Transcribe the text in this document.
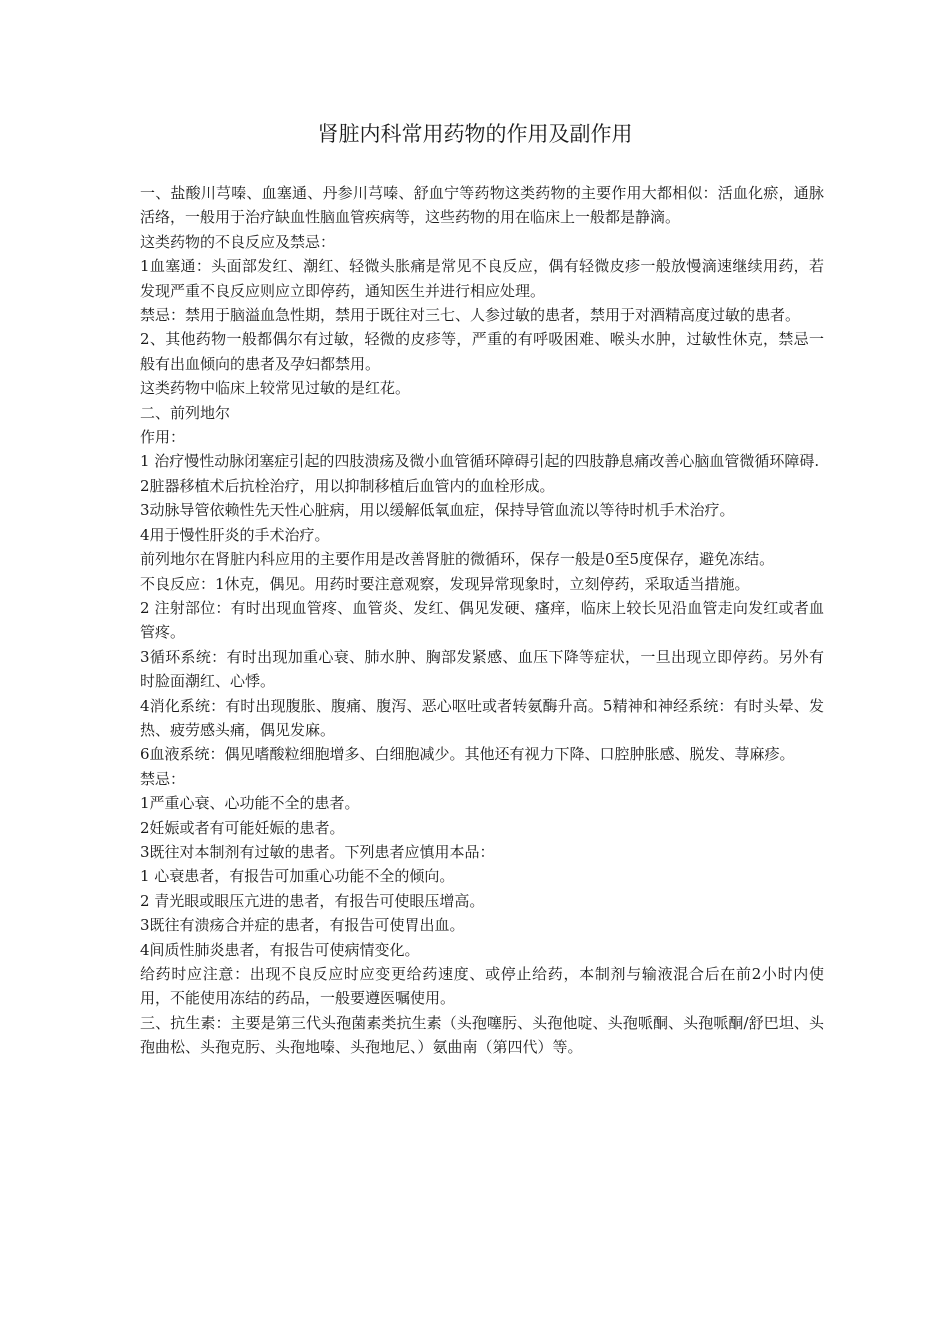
肾脏内科常用药物的作用及副作用

一、盐酸川芎嗪、血塞通、丹参川芎嗪、舒血宁等药物这类药物的主要作用大都相似：活血化瘀，通脉活络，一般用于治疗缺血性脑血管疾病等，这些药物的用在临床上一般都是静滴。

这类药物的不良反应及禁忌：

1血塞通：头面部发红、潮红、轻微头胀痛是常见不良反应，偶有轻微皮疹一般放慢滴速继续用药，若发现严重不良反应则应立即停药，通知医生并进行相应处理。

禁忌：禁用于脑溢血急性期，禁用于既往对三七、人参过敏的患者，禁用于对酒精高度过敏的患者。

2、其他药物一般都偶尔有过敏，轻微的皮疹等，严重的有呼吸困难、喉头水肿，过敏性休克，禁忌一般有出血倾向的患者及孕妇都禁用。

这类药物中临床上较常见过敏的是红花。

二、前列地尔

作用：

1 治疗慢性动脉闭塞症引起的四肢溃疡及微小血管循环障碍引起的四肢静息痛改善心脑血管微循环障碍.

2脏器移植术后抗栓治疗，用以抑制移植后血管内的血栓形成。

3动脉导管依赖性先天性心脏病，用以缓解低氧血症，保持导管血流以等待时机手术治疗。

4用于慢性肝炎的手术治疗。

前列地尔在肾脏内科应用的主要作用是改善肾脏的微循环，保存一般是0至5度保存，避免冻结。

不良反应：1休克，偶见。用药时要注意观察，发现异常现象时，立刻停药，采取适当措施。

2 注射部位：有时出现血管疼、血管炎、发红、偶见发硬、瘙痒，临床上较长见沿血管走向发红或者血管疼。

3循环系统：有时出现加重心衰、肺水肿、胸部发紧感、血压下降等症状，一旦出现立即停药。另外有时脸面潮红、心悸。

4消化系统：有时出现腹胀、腹痛、腹泻、恶心呕吐或者转氨酶升高。5精神和神经系统：有时头晕、发热、疲劳感头痛，偶见发麻。

6血液系统：偶见嗜酸粒细胞增多、白细胞减少。其他还有视力下降、口腔肿胀感、脱发、荨麻疹。

禁忌：

1严重心衰、心功能不全的患者。

2妊娠或者有可能妊娠的患者。

3既往对本制剂有过敏的患者。下列患者应慎用本品：

1 心衰患者，有报告可加重心功能不全的倾向。

2 青光眼或眼压亢进的患者，有报告可使眼压增高。

3既往有溃疡合并症的患者，有报告可使胃出血。

4间质性肺炎患者，有报告可使病情变化。

给药时应注意：出现不良反应时应变更给药速度、或停止给药，本制剂与输液混合后在前2小时内使用，不能使用冻结的药品，一般要遵医嘱使用。

三、抗生素：主要是第三代头孢菌素类抗生素（头孢噻肟、头孢他啶、头孢哌酮、头孢哌酮/舒巴坦、头孢曲松、头孢克肟、头孢地嗪、头孢地尼、）氨曲南（第四代）等。
